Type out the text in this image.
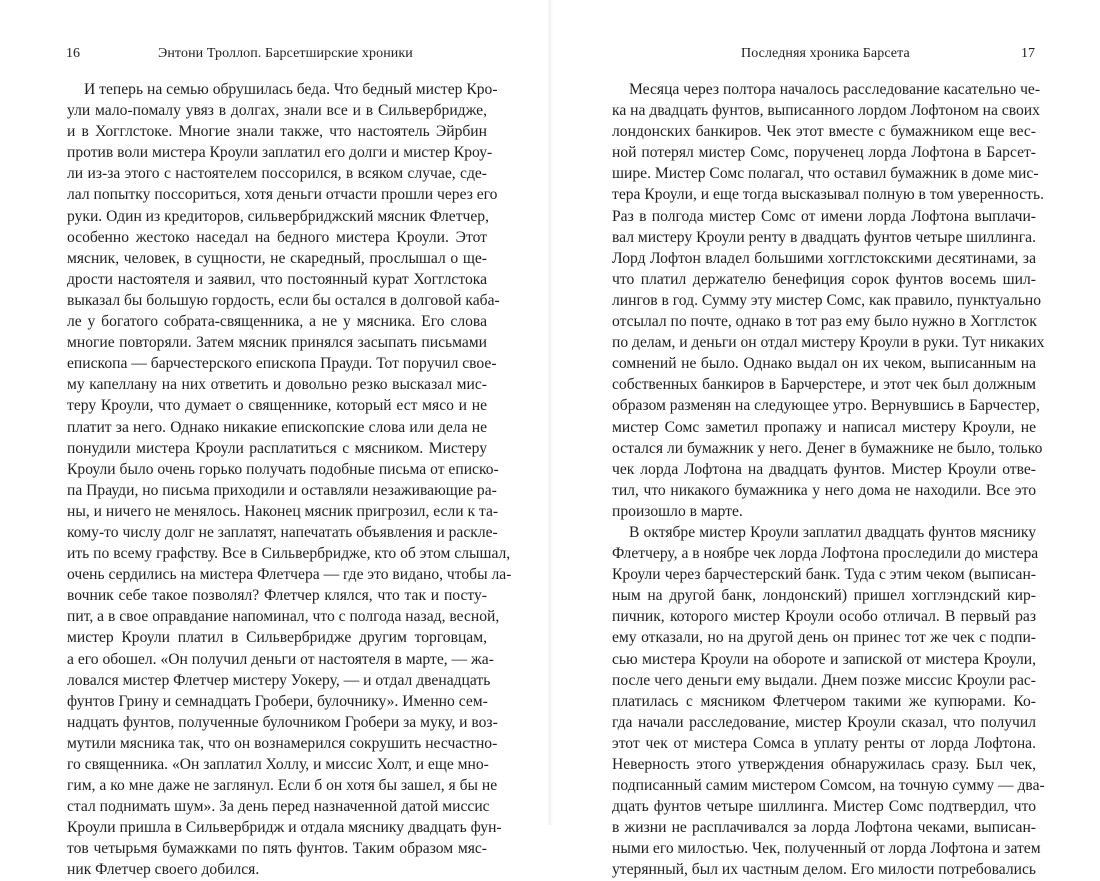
16	Энтони Троллоп. Барсетширские хроники
И теперь на семью обрушилась беда. Что бедный мистер Кро-
ули мало-помалу увяз в долгах, знали все и в Сильвербридже,
и в Хогглстоке. Многие знали также, что настоятель Эйрбин
против воли мистера Кроули заплатил его долги и мистер Кроу-
ли из-за этого с настоятелем поссорился, в всяком случае, сде-
лал попытку поссориться, хотя деньги отчасти прошли через его
руки. Один из кредиторов, сильвербриджский мясник Флетчер,
особенно жестоко наседал на бедного мистера Кроули. Этот
мясник, человек, в сущности, не скаредный, прослышал о ще-
дрости настоятеля и заявил, что постоянный курат Хогглстока
выказал бы большую гордость, если бы остался в долговой каба-
ле у богатого собрата-священника, а не у мясника. Его слова
многие повторяли. Затем мясник принялся засыпать письмами
епископа — барчестерского епископа Прауди. Тот поручил свое-
му капеллану на них ответить и довольно резко высказал мис-
теру Кроули, что думает о священнике, который ест мясо и не
платит за него. Однако никакие епископские слова или дела не
понудили мистера Кроули расплатиться с мясником. Мистеру
Кроули было очень горько получать подобные письма от еписко-
па Прауди, но письма приходили и оставляли незаживающие ра-
ны, и ничего не менялось. Наконец мясник пригрозил, если к та-
кому-то числу долг не заплатят, напечатать объявления и раскле-
ить по всему графству. Все в Сильвербридже, кто об этом слышал,
очень сердились на мистера Флетчера — где это видано, чтобы ла-
вочник себе такое позволял? Флетчер клялся, что так и посту-
пит, а в свое оправдание напоминал, что с полгода назад, весной,
мистер Кроули платил в Сильвербридже другим торговцам,
а его обошел. «Он получил деньги от настоятеля в марте, — жа-
ловался мистер Флетчер мистеру Уокеру, — и отдал двенадцать
фунтов Грину и семнадцать Гробери, булочнику». Именно сем-
надцать фунтов, полученные булочником Гробери за муку, и воз-
мутили мясника так, что он вознамерился сокрушить несчастно-
го священника. «Он заплатил Холлу, и миссис Холт, и еще мно-
гим, а ко мне даже не заглянул. Если б он хотя бы зашел, я бы не
стал поднимать шум». За день перед назначенной датой миссис
Кроули пришла в Сильвербридж и отдала мяснику двадцать фун-
тов четырьмя бумажками по пять фунтов. Таким образом мяс-
ник Флетчер своего добился.
Последняя хроника Барсета	17
Месяца через полтора началось расследование касательно че-
ка на двадцать фунтов, выписанного лордом Лофтоном на своих
лондонских банкиров. Чек этот вместе с бумажником еще вес-
ной потерял мистер Сомс, порученец лорда Лофтона в Барсет-
шире. Мистер Сомс полагал, что оставил бумажник в доме мис-
тера Кроули, и еще тогда высказывал полную в том уверенность.
Раз в полгода мистер Сомс от имени лорда Лофтона выплачи-
вал мистеру Кроули ренту в двадцать фунтов четыре шиллинга.
Лорд Лофтон владел большими хогглстокскими десятинами, за
что платил держателю бенефиция сорок фунтов восемь шил-
лингов в год. Сумму эту мистер Сомс, как правило, пунктуально
отсылал по почте, однако в тот раз ему было нужно в Хогглсток
по делам, и деньги он отдал мистеру Кроули в руки. Тут никаких
сомнений не было. Однако выдал он их чеком, выписанным на
собственных банкиров в Барчерстере, и этот чек был должным
образом разменян на следующее утро. Вернувшись в Барчестер,
мистер Сомс заметил пропажу и написал мистеру Кроули, не
остался ли бумажник у него. Денег в бумажнике не было, только
чек лорда Лофтона на двадцать фунтов. Мистер Кроули отве-
тил, что никакого бумажника у него дома не находили. Все это
произошло в марте.
В октябре мистер Кроули заплатил двадцать фунтов мяснику
Флетчеру, а в ноябре чек лорда Лофтона проследили до мистера
Кроули через барчестерский банк. Туда с этим чеком (выписан-
ным на другой банк, лондонский) пришел хогглэндский кир-
пичник, которого мистер Кроули особо отличал. В первый раз
ему отказали, но на другой день он принес тот же чек с подпи-
сью мистера Кроули на обороте и запиской от мистера Кроули,
после чего деньги ему выдали. Днем позже миссис Кроули рас-
платилась с мясником Флетчером такими же купюрами. Ко-
гда начали расследование, мистер Кроули сказал, что получил
этот чек от мистера Сомса в уплату ренты от лорда Лофтона.
Неверность этого утверждения обнаружилась сразу. Был чек,
подписанный самим мистером Сомсом, на точную сумму — два-
дцать фунтов четыре шиллинга. Мистер Сомс подтвердил, что
в жизни не расплачивался за лорда Лофтона чеками, выписан-
ными его милостью. Чек, полученный от лорда Лофтона и затем
утерянный, был их частным делом. Его милости потребовались
